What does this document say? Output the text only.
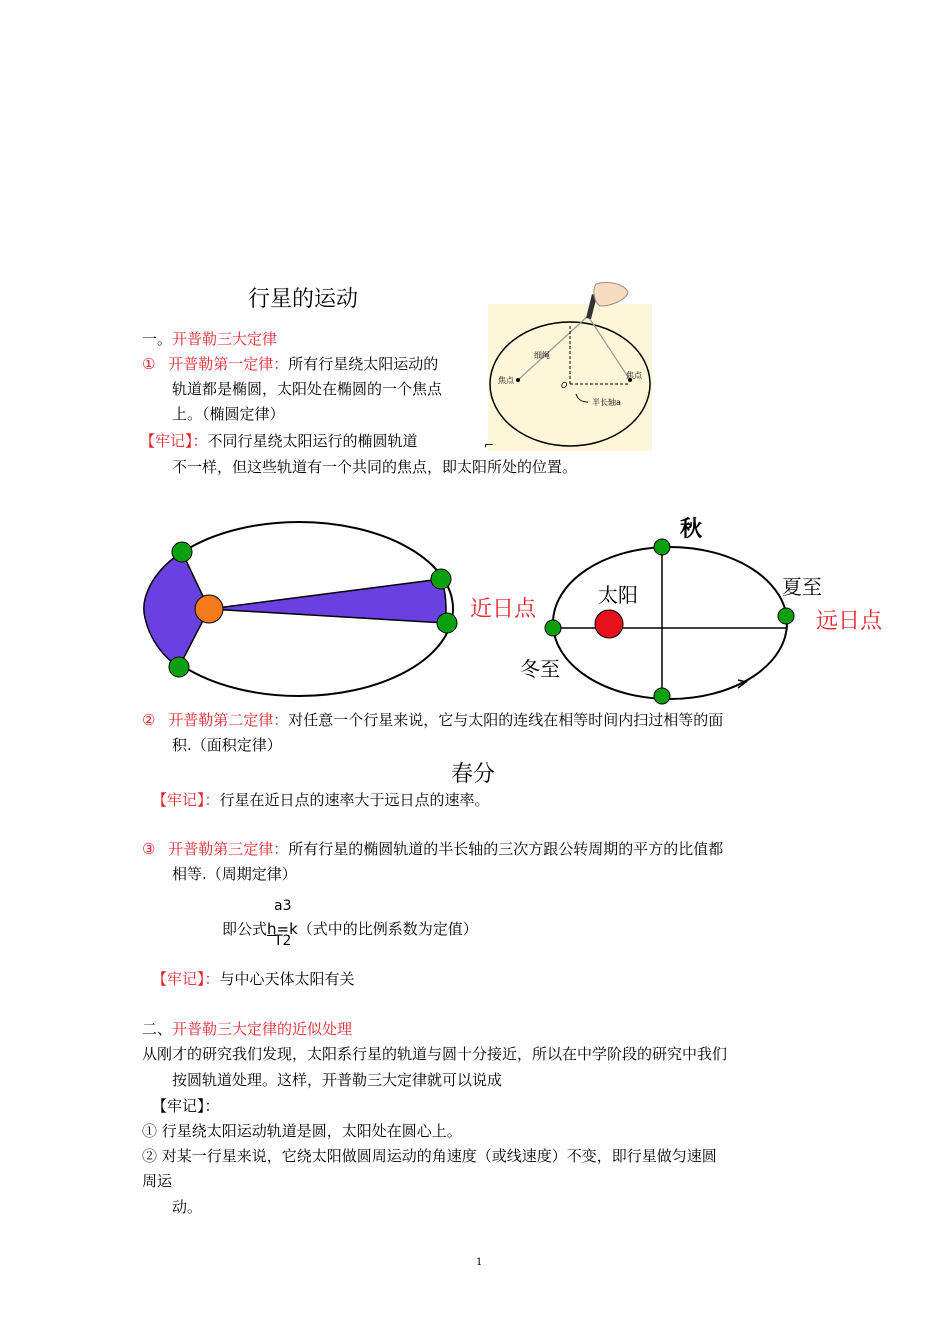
行星的运动
一。开普勒三大定律
① 开普勒第一定律：所有行星绕太阳运动的
轨道都是椭圆，太阳处在椭圆的一个焦点
上。（椭圆定律）
【牢记】：不同行星绕太阳运行的椭圆轨道
不一样，但这些轨道有一个共同的焦点，即太阳所处的位置。
细绳
焦点
O
焦点
半长轴a
⌐
近日点
秋
太阳	夏至
远日点
冬至
② 开普勒第二定律：对任意一个行星来说，它与太阳的连线在相等时间内扫过相等的面
积.（面积定律）
春分
【牢记】：行星在近日点的速率大于远日点的速率。
③ 开普勒第三定律：所有行星的椭圆轨道的半长轴的三次方跟公转周期的平方的比值都
相等.（周期定律）
a3
即公式h=k（式中的比例系数为定值）
T2
【牢记】：与中心天体太阳有关
二、开普勒三大定律的近似处理
从刚才的研究我们发现，太阳系行星的轨道与圆十分接近，所以在中学阶段的研究中我们
按圆轨道处理。这样，开普勒三大定律就可以说成
【牢记】：
① 行星绕太阳运动轨道是圆，太阳处在圆心上。
② 对某一行星来说，它绕太阳做圆周运动的角速度（或线速度）不变，即行星做匀速圆
周运
动。
1
